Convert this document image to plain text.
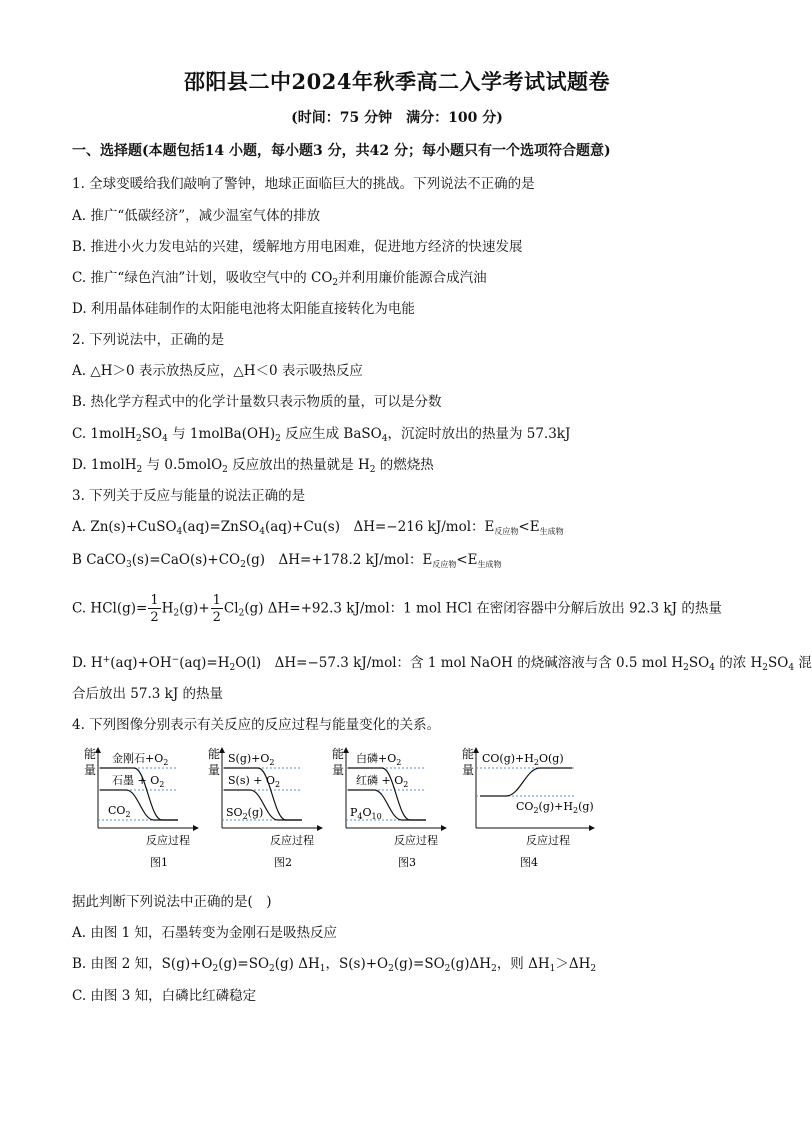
邵阳县二中2024年秋季高二入学考试试题卷
(时间：75 分钟　满分：100 分)
一、选择题(本题包括14 小题，每小题3 分，共42 分；每小题只有一个选项符合题意)
1. 全球变暖给我们敲响了警钟，地球正面临巨大的挑战。下列说法不正确的是
A. 推广“低碳经济”，减少温室气体的排放
B. 推进小火力发电站的兴建，缓解地方用电困难，促进地方经济的快速发展
C. 推广“绿色汽油”计划，吸收空气中的 $CO_2$并利用廉价能源合成汽油
D. 利用晶体硅制作的太阳能电池将太阳能直接转化为电能
2. 下列说法中，正确的是
A. △H＞0 表示放热反应，△H＜0 表示吸热反应
B. 热化学方程式中的化学计量数只表示物质的量，可以是分数
C. $1molH_2SO_4$ 与 $1molBa(OH)_2$ 反应生成 BaSO$_4$，沉淀时放出的热量为 57.3kJ
D. 1molH$_2$ 与 0.5molO$_2$ 反应放出的热量就是 $H_2$ 的燃烧热
3. 下列关于反应与能量的说法正确的是
A. Zn(s)+CuSO$_4$(aq)=ZnSO$_4$(aq)+Cu(s)　ΔH=−216 kJ/mol：$E_{反应物}<E_{生成物}$
B $CaCO_3(s)=CaO(s)+CO_2(g)$　ΔH=+178.2 kJ/mol：$E_{反应物}<E_{生成物}$
C. $HCl(g)= \frac{1}{2} H_2(g)+ \frac{1}{2} Cl_2(g)$ ΔH=+92.3 kJ/mol：1 mol HCl 在密闭容器中分解后放出 92.3 kJ 的热量
D. $H^+(aq)+OH^-(aq)=H_2O(l)$　ΔH=−57.3 kJ/mol：含 1 mol NaOH 的烧碱溶液与含 0.5 mol $H_2SO_4$ 的浓 $H_2SO_4$ 混
合后放出 57.3 kJ 的热量
4. 下列图像分别表示有关反应的反应过程与能量变化的关系。
能
量
金刚石$+O_2$
石墨 + $O_2$
$CO_2$
反应过程
图1
能
量
$S(g)+O_2$
$S(s) + O_2$
$SO_2(g)$
反应过程
图2
能
量
白磷$+O_2$
红磷 + $O_2$
$P_4O_{10}$
反应过程
图3
能
量
$CO(g)+H_2O(g)$
$CO_2(g)+H_2(g)$
反应过程
图4
据此判断下列说法中正确的是(　)
A. 由图 1 知，石墨转变为金刚石是吸热反应
B. 由图 2 知，$S(g)+O_2(g)=SO_2(g)$ $\Delta H_1$，$S(s)+O_2(g)=SO_2(g)\Delta H_2$，则 $\Delta H_1>\Delta H_2$
C. 由图 3 知，白磷比红磷稳定
